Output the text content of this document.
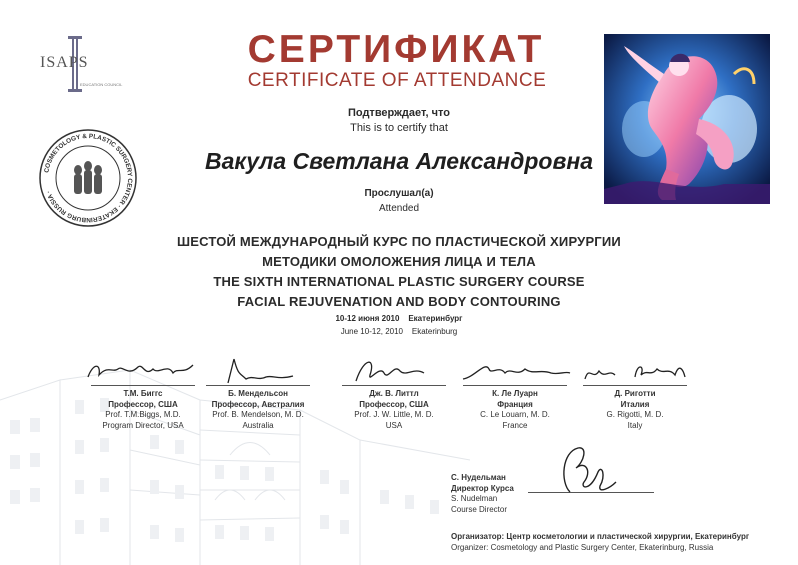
ISAPS
EDUCATION COUNCIL
COSMETOLOGY & PLASTIC SURGERY CENTER · EKATERINBURG RUSSIA ·
СЕРТИФИКАТ
CERTIFICATE OF ATTENDANCE
Подтверждает, что
This is to certify that
Вакула Светлана Александровна
Прослушал(а)
Attended
ШЕСТОЙ МЕЖДУНАРОДНЫЙ КУРС ПО ПЛАСТИЧЕСКОЙ ХИРУРГИИ
МЕТОДИКИ ОМОЛОЖЕНИЯ ЛИЦА И ТЕЛА
THE SIXTH INTERNATIONAL PLASTIC SURGERY COURSE
FACIAL REJUVENATION AND BODY CONTOURING
10-12 июня 2010    Екатеринбург
June 10-12, 2010    Ekaterinburg
Т.М. Биггс
Профессор, США
Prof. T.M.Biggs, M.D.
Program Director, USA
Б. Мендельсон
Профессор, Австралия
Prof. B. Mendelson, M. D.
Australia
Дж. В. Литтл
Профессор, США
Prof. J. W. Little, M. D.
USA
К. Ле Луарн
Франция
C. Le Louarn, M. D.
France
Д. Риготти
Италия
G. Rigotti, M. D.
Italy
С. Нудельман
Директор Курса
S. Nudelman
Course Director
Организатор: Центр косметологии и пластической хирургии, Екатеринбург
Organizer: Cosmetology and Plastic Surgery Center, Ekaterinburg, Russia
